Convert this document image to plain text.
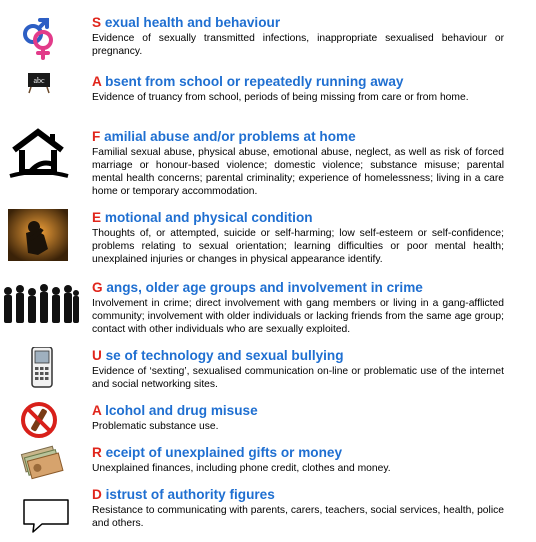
S exual health and behaviour

Evidence of sexually transmitted infections, inappropriate sexualised behaviour or pregnancy.

abc	A bsent from school or repeatedly running away

Evidence of truancy from school, periods of being missing from care or from home.

F amilial abuse and/or problems at home

Familial sexual abuse, physical abuse, emotional abuse, neglect, as well as risk of forced marriage or honour-based violence; domestic violence; substance misuse; parental mental health concerns; parental criminality; experience of homelessness; living in a care home or temporary accommodation.

E motional and physical condition

Thoughts of, or attempted, suicide or self-harming; low self-esteem or self-confidence; problems relating to sexual orientation; learning difficulties or poor mental health; unexplained injuries or changes in physical appearance identify.

G angs, older age groups and involvement in crime

Involvement in crime; direct involvement with gang members or living in a gang-afflicted community; involvement with older individuals or lacking friends from the same age group; contact with other individuals who are sexually exploited.

U se of technology and sexual bullying

Evidence of ‘sexting’, sexualised communication on-line or problematic use of the internet and social networking sites.

A lcohol and drug misuse

Problematic substance use.

R eceipt of unexplained gifts or money

Unexplained finances, including phone credit, clothes and money.

D istrust of authority figures

Resistance to communicating with parents, carers, teachers, social services, health, police and others.
